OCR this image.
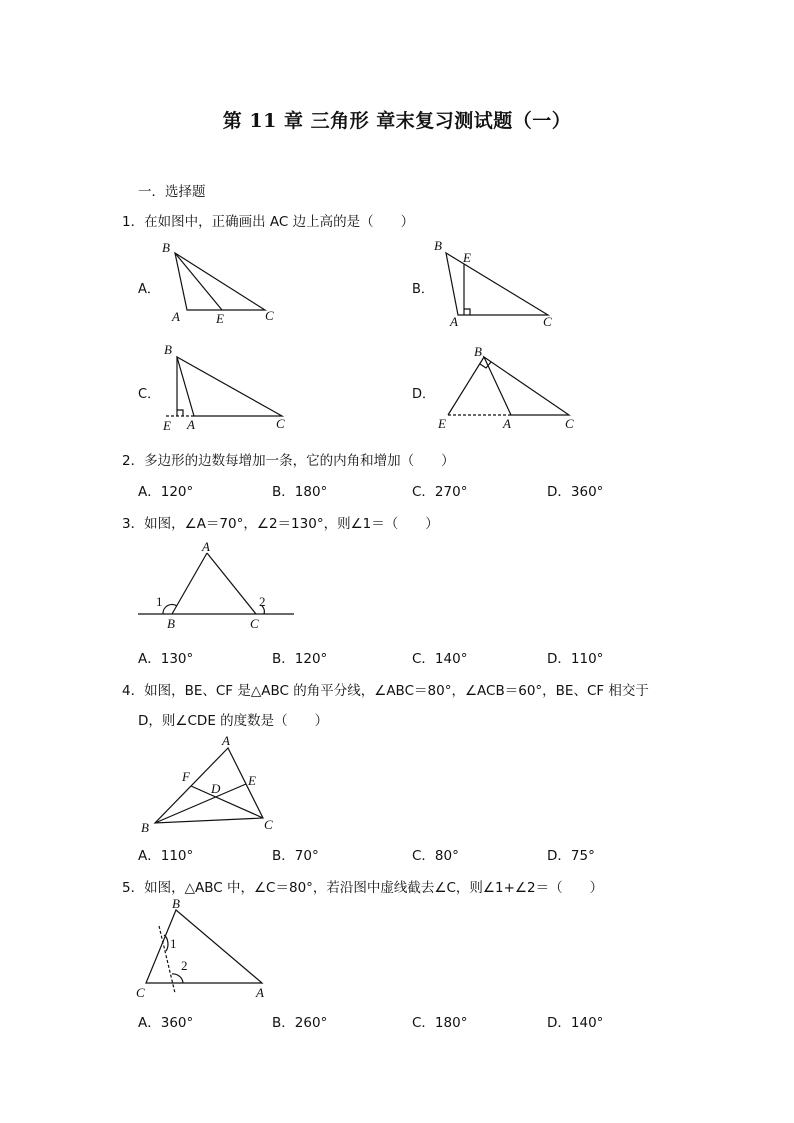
第 11 章 三角形 章末复习测试题（一）
一．选择题
1．在如图中，正确画出 AC 边上高的是（　　）
A．
B
A	E	C
B．
B
E
A	C
C．
B
E A	C
D．
B
E	A	C
2．多边形的边数每增加一条，它的内角和增加（　　）
A．120°	B．180°	C．270°	D．360°
3．如图，∠A＝70°，∠2＝130°，则∠1＝（　　）
A
1	2
B	C
A．130°	B．120°	C．140°	D．110°
4．如图，BE、CF 是△ABC 的角平分线，∠ABC＝80°，∠ACB＝60°，BE、CF 相交于
D，则∠CDE 的度数是（　　）
A
F	E
D
B	C
A．110°	B．70°	C．80°	D．75°
5．如图，△ABC 中，∠C＝80°，若沿图中虚线截去∠C，则∠1+∠2＝（　　）
B
1
2
C	A
A．360°	B．260°	C．180°	D．140°
